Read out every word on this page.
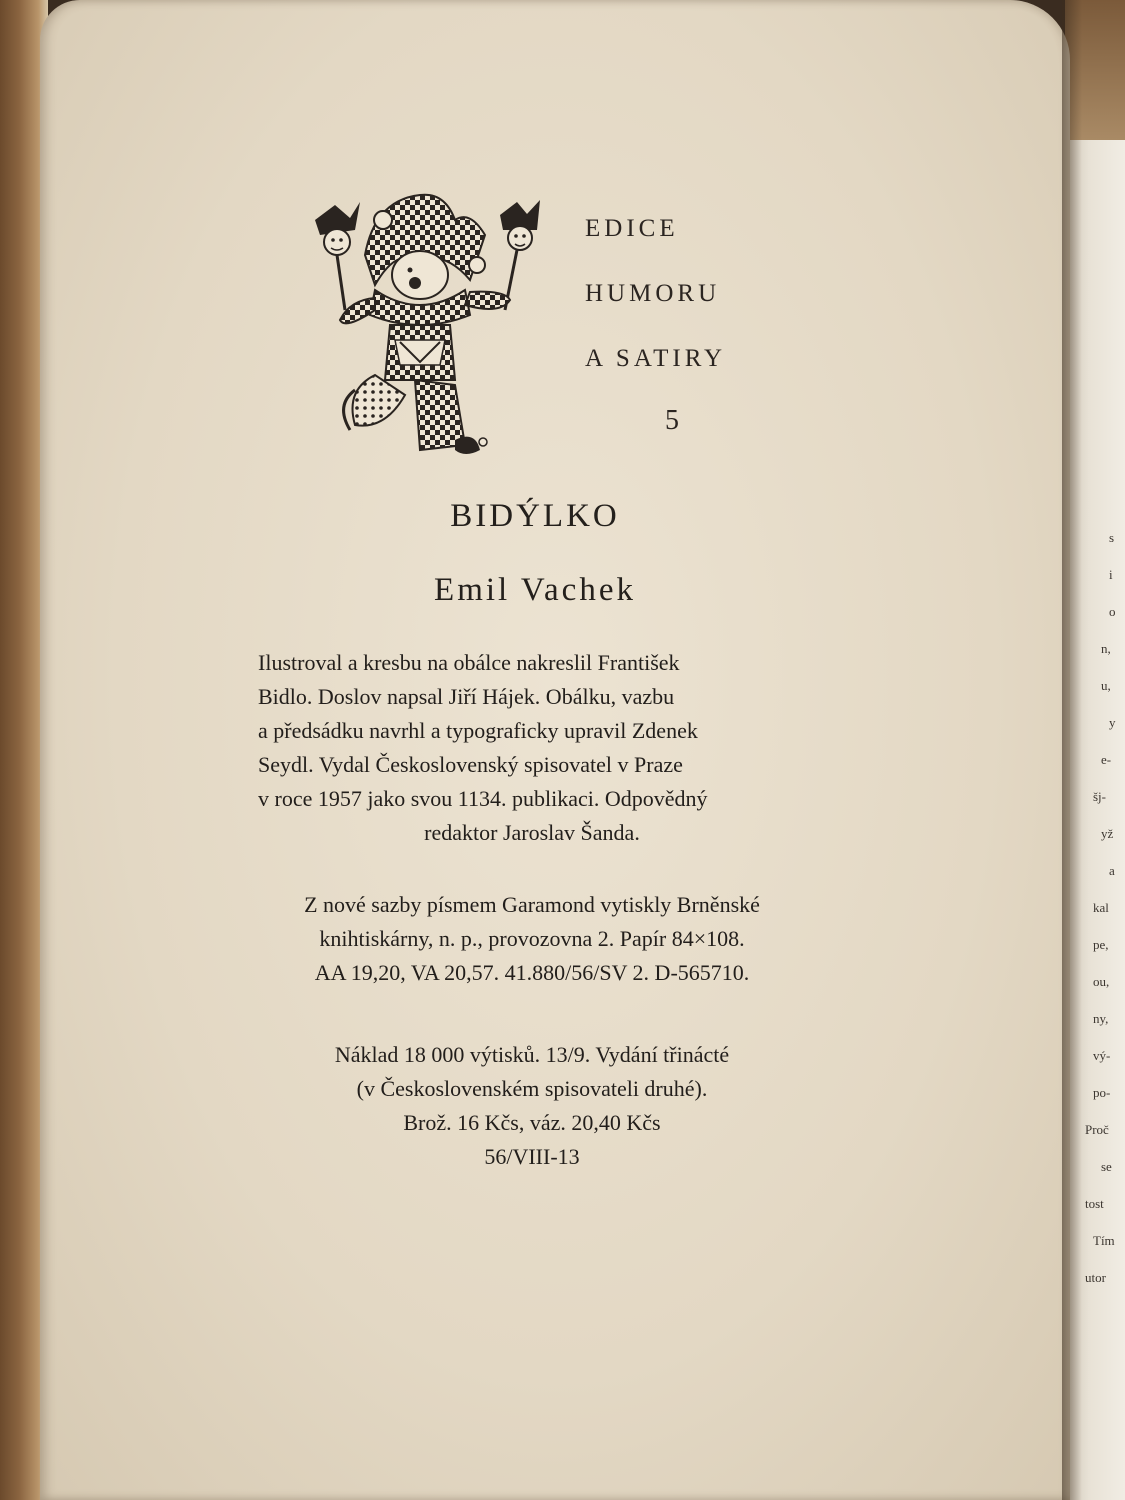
s
i
o
n,
u,
y
e-
šj-
yž
a
kal
pe,
ou,
ny,
vý-
po-
Proč
se
tost
Tím
utor
EDICE
HUMORU
A SATIRY
5
BIDÝLKO
Emil Vachek
Ilustroval a kresbu na obálce nakreslil František
Bidlo. Doslov napsal Jiří Hájek. Obálku, vazbu
a předsádku navrhl a typograficky upravil Zdenek
Seydl. Vydal Československý spisovatel v Praze
v roce 1957 jako svou 1134. publikaci. Odpovědný
redaktor Jaroslav Šanda.
Z nové sazby písmem Garamond vytiskly Brněnské
knihtiskárny, n. p., provozovna 2. Papír 84×108.
AA 19,20, VA 20,57. 41.880/56/SV 2. D-565710.
Náklad 18 000 výtisků. 13/9. Vydání třinácté
(v Československém spisovateli druhé).
Brož. 16 Kčs, váz. 20,40 Kčs
56/VIII-13
